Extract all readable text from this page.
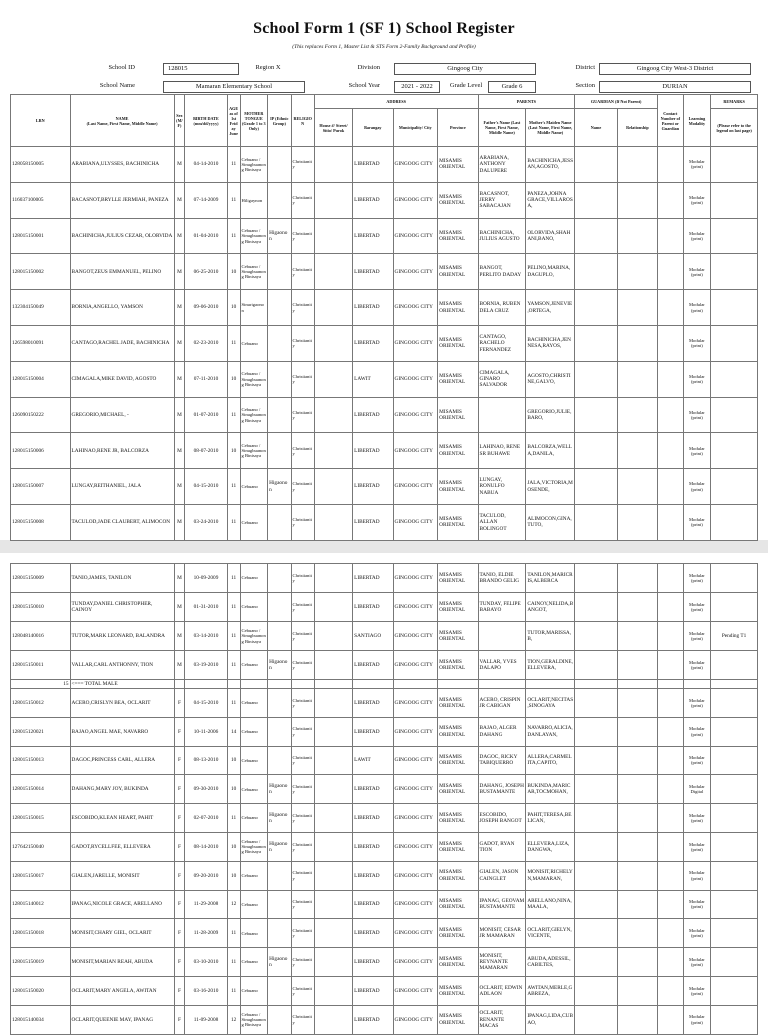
School Form 1 (SF 1) School Register
(This replaces Form 1, Master List & STS Form 2-Family Background and Profile)
School ID	128015	Region X	Division	Gingoog City	District	Gingoog City West-3 District
School Name	Mamaran Elementary School	School Year	2021 - 2022	Grade Level	Grade 6	Section	DURIAN
LRN	NAME
(Last Name, First Name, Middle Name)	Sex (M/F)	BIRTH DATE (mm/dd/yyyy)	AGE as of 1st Friday June	MOTHER TONGUE (Grade 1 to 3 Only)	IP (Ethnic Group)	RELIGION	ADDRESS				PARENTS		GUARDIAN (If Not Parent)		Contact Number of Parent or Guardian	Learning Modality	REMARKS
								House #/ Street/ Sitio/ Purok	Barangay	Municipality/ City	Province	Father's Name (Last Name, First Name, Middle Name)	Mother's Maiden Name (Last Name, First Name, Middle Name)	Name	Relationship			(Please refer to the legend on last page)
128058150005	ARABIANA,ULYSSES, BACHINICHA	M	04-14-2010	11	Cebuano / Sinugbuanong Binisaya		Christianity		LIBERTAD	GINGOOG CITY	MISAMIS ORIENTAL	ARABIANA, ANTHONY DALUPERE	BACHINICHA,JESSAN,AGOSTO,				Modular (print)	
116037100005	BACASNOT,BRYLLE JERMIAH, PANEZA	M	07-14-2009	11	Hiligaynon		Christianity		LIBERTAD	GINGOOG CITY	MISAMIS ORIENTAL	BACASNOT, JERRY SABACAJAN	PANEZA,JOHNA GRACE,VILLAROSA,				Modular (print)	
128015150001	BACHINICHA,JULIUS CEZAR, OLORVIDA	M	01-04-2010	11	Cebuano / Sinugbuanong Binisaya	Higaonon	Christianity		LIBERTAD	GINGOOG CITY	MISAMIS ORIENTAL	BACHINICHA, JULIUS AGUSTO	OLORVIDA,SHAHANI,BANO,				Modular (print)	
128015150002	BANGOT,ZEUS EMMANUEL, PELINO	M	06-25-2010	10	Cebuano / Sinugbuanong Binisaya		Christianity		LIBERTAD	GINGOOG CITY	MISAMIS ORIENTAL	BANGOT, PERLITO DADAY	PELINO,MARINA,DAGUPLO,				Modular (print)	
132304150049	BORNIA,ANGELLO, YAMSON	M	09-06-2010	10	Sinurigaonon		Christianity		LIBERTAD	GINGOOG CITY	MISAMIS ORIENTAL	BORNIA, RUBEN DELA CRUZ	YAMSON,JENEVIE,ORTEGA,				Modular (print)	
126598010091	CANTAGO,RACHEL JADE, BACHINICHA	M	02-23-2010	11	Cebuano		Christianity		LIBERTAD	GINGOOG CITY	MISAMIS ORIENTAL	CANTAGO, RACHELO FERNANDEZ	BACHINICHA,JENNESA,RAYOS,				Modular (print)	
128015150004	CIMAGALA,MIKE DAVID, AGOSTO	M	07-11-2010	10	Cebuano / Sinugbuanong Binisaya		Christianity		LAWIT	GINGOOG CITY	MISAMIS ORIENTAL	CIMAGALA, GINARO SALVADOR	AGOSTO,CHRISTINE,GALVO,				Modular (print)	
126090150222	GREGORIO,MICHAEL, -	M	01-07-2010	11	Cebuano / Sinugbuanong Binisaya		Christianity		LIBERTAD	GINGOOG CITY	MISAMIS ORIENTAL		GREGORIO,JULIE,BARO,				Modular (print)	
128015150006	LAHINAO,RENE JR, BALCORZA	M	08-07-2010	10	Cebuano / Sinugbuanong Binisaya		Christianity		LIBERTAD	GINGOOG CITY	MISAMIS ORIENTAL	LAHINAO, RENE SR BUHAWE	BALCORZA,WELLA,DANILA,				Modular (print)	
128015150007	LUNGAY,REITHANIEL, JALA	M	04-15-2010	11	Cebuano	Higaonon	Christianity		LIBERTAD	GINGOOG CITY	MISAMIS ORIENTAL	LUNGAY, RONULFO NABUA	JALA,VICTORIA,MOSENDE,				Modular (print)	
128015150008	TACULOD,JADE CLAUBERT, ALIMOCON	M	03-24-2010	11	Cebuano		Christianity		LIBERTAD	GINGOOG CITY	MISAMIS ORIENTAL	TACULOD, ALLAN BOLINGOT	ALIMOCON,GINA,TUTO,				Modular (print)	
128015150009	TANIO,JAMES, TANILON	M	10-09-2009	11	Cebuano		Christianity		LIBERTAD	GINGOOG CITY	MISAMIS ORIENTAL	TANIO, ELDIE BRANDO GELIG	TANILON,MARICRIS,ALBERCA				Modular (print)	
128015150010	TUNDAY,DANIEL CHRISTOPHER, CAINOY	M	01-31-2010	11	Cebuano		Christianity		LIBERTAD	GINGOOG CITY	MISAMIS ORIENTAL	TUNDAY, FELIPE BABAYO	CAINOY,NELIDA,BANGOT,				Modular (print)	
128048140016	TUTOR,MARK LEONARD, BALANDRA	M	03-14-2010	11	Cebuano / Sinugbuanong Binisaya		Christianity		SANTIAGO	GINGOOG CITY	MISAMIS ORIENTAL		TUTOR,MARISSA,B,				Modular (print)	Pending T1
128015150011	VALLAR,CARL ANTHONNY, TION	M	03-19-2010	11	Cebuano	Higaonon	Christianity		LIBERTAD	GINGOOG CITY	MISAMIS ORIENTAL	VALLAR, YVES DALAPO	TION,GERALDINE,ELLEVERA,				Modular (print)	
15	<=== TOTAL MALE																	
128015150012	ACERO,CRISLYN BEA, OCLARIT	F	04-15-2010	11	Cebuano		Christianity		LIBERTAD	GINGOOG CITY	MISAMIS ORIENTAL	ACERO, CRISPIN JR CABIGAN	OCLARIT,NECITAS,SINOGAYA				Modular (print)	
128015120021	BAJAO,ANGEL MAE, NAVARRO	F	10-11-2006	14	Cebuano		Christianity		LIBERTAD	GINGOOG CITY	MISAMIS ORIENTAL	BAJAO, ALGER DAHANG	NAVARRO,ALICIA,DANLAYAN,				Modular (print)	
128015150013	DAGOC,PRINCESS CARL, ALLERA	F	08-13-2010	10	Cebuano		Christianity		LAWIT	GINGOOG CITY	MISAMIS ORIENTAL	DAGOC, RICKY TABIQUERRO	ALLERA,CARMELITA,CAPITO,				Modular (print)	
128015150014	DAHANG,MARY JOY, BUKINDA	F	09-30-2010	10	Cebuano	Higaonon	Christianity		LIBERTAD	GINGOOG CITY	MISAMIS ORIENTAL	DAHANG, JOSEPH BUSTAMANTE	BUKINDA,MARICAR,TOCMOHAN,				Modular Digital	
128015150015	ESCOBIDO,KLEAN HEART, PAHIT	F	02-07-2010	11	Cebuano	Higaonon	Christianity		LIBERTAD	GINGOOG CITY	MISAMIS ORIENTAL	ESCOBIDO, JOSEPH BANGOT	PAHIT,TERESA,BELICAN,				Modular (print)	
127642150040	GADOT,RYCELLFEE, ELLEVERA	F	08-14-2010	10	Cebuano / Sinugbuanong Binisaya	Higaonon	Christianity		LIBERTAD	GINGOOG CITY	MISAMIS ORIENTAL	GADOT, RYAN TION	ELLEVERA,LIZA,DANGWA,				Modular (print)	
128015150017	GIALEN,JARELLE, MONISIT	F	09-20-2010	10	Cebuano		Christianity		LIBERTAD	GINGOOG CITY	MISAMIS ORIENTAL	GIALEN, JASON CAINGLET	MONISIT,RICHELYN,MAMARAN,				Modular (print)	
128015140012	IPANAG,NICOLE GRACE, ARELLANO	F	11-29-2008	12	Cebuano		Christianity		LIBERTAD	GINGOOG CITY	MISAMIS ORIENTAL	IPANAG, GEOVAM BUSTAMANTE	ARELLANO,NINA,MAALA,				Modular (print)	
128015150018	MONISIT,CHARY GIEL, OCLARIT	F	11-28-2009	11	Cebuano		Christianity		LIBERTAD	GINGOOG CITY	MISAMIS ORIENTAL	MONISIT, CESAR JR MAMARAN	OCLARIT,GIELYN,VICENTE,				Modular (print)	
128015150019	MONISIT,MARIAN REAH, ABUDA	F	03-10-2010	11	Cebuano	Higaonon	Christianity		LIBERTAD	GINGOOG CITY	MISAMIS ORIENTAL	MONISIT, REYNANTE MAMARAN	ABUDA,ADESSIL,CABILTES,				Modular (print)	
128015150020	OCLARIT,MARY ANGELA, AWITAN	F	03-16-2010	11	Cebuano		Christianity		LIBERTAD	GINGOOG CITY	MISAMIS ORIENTAL	OCLARIT, EDWIN ADLAON	AWITAN,MERLE,GABREZA,				Modular (print)	
128015140034	OCLARIT,QUEENIE MAY, IPANAG	F	11-09-2008	12	Cebuano / Sinugbuanong Binisaya		Christianity		LIBERTAD	GINGOOG CITY	MISAMIS ORIENTAL	OCLARIT, RENANTE MACAS	IPANAG,LIDA,CUBAO,				Modular (print)	
